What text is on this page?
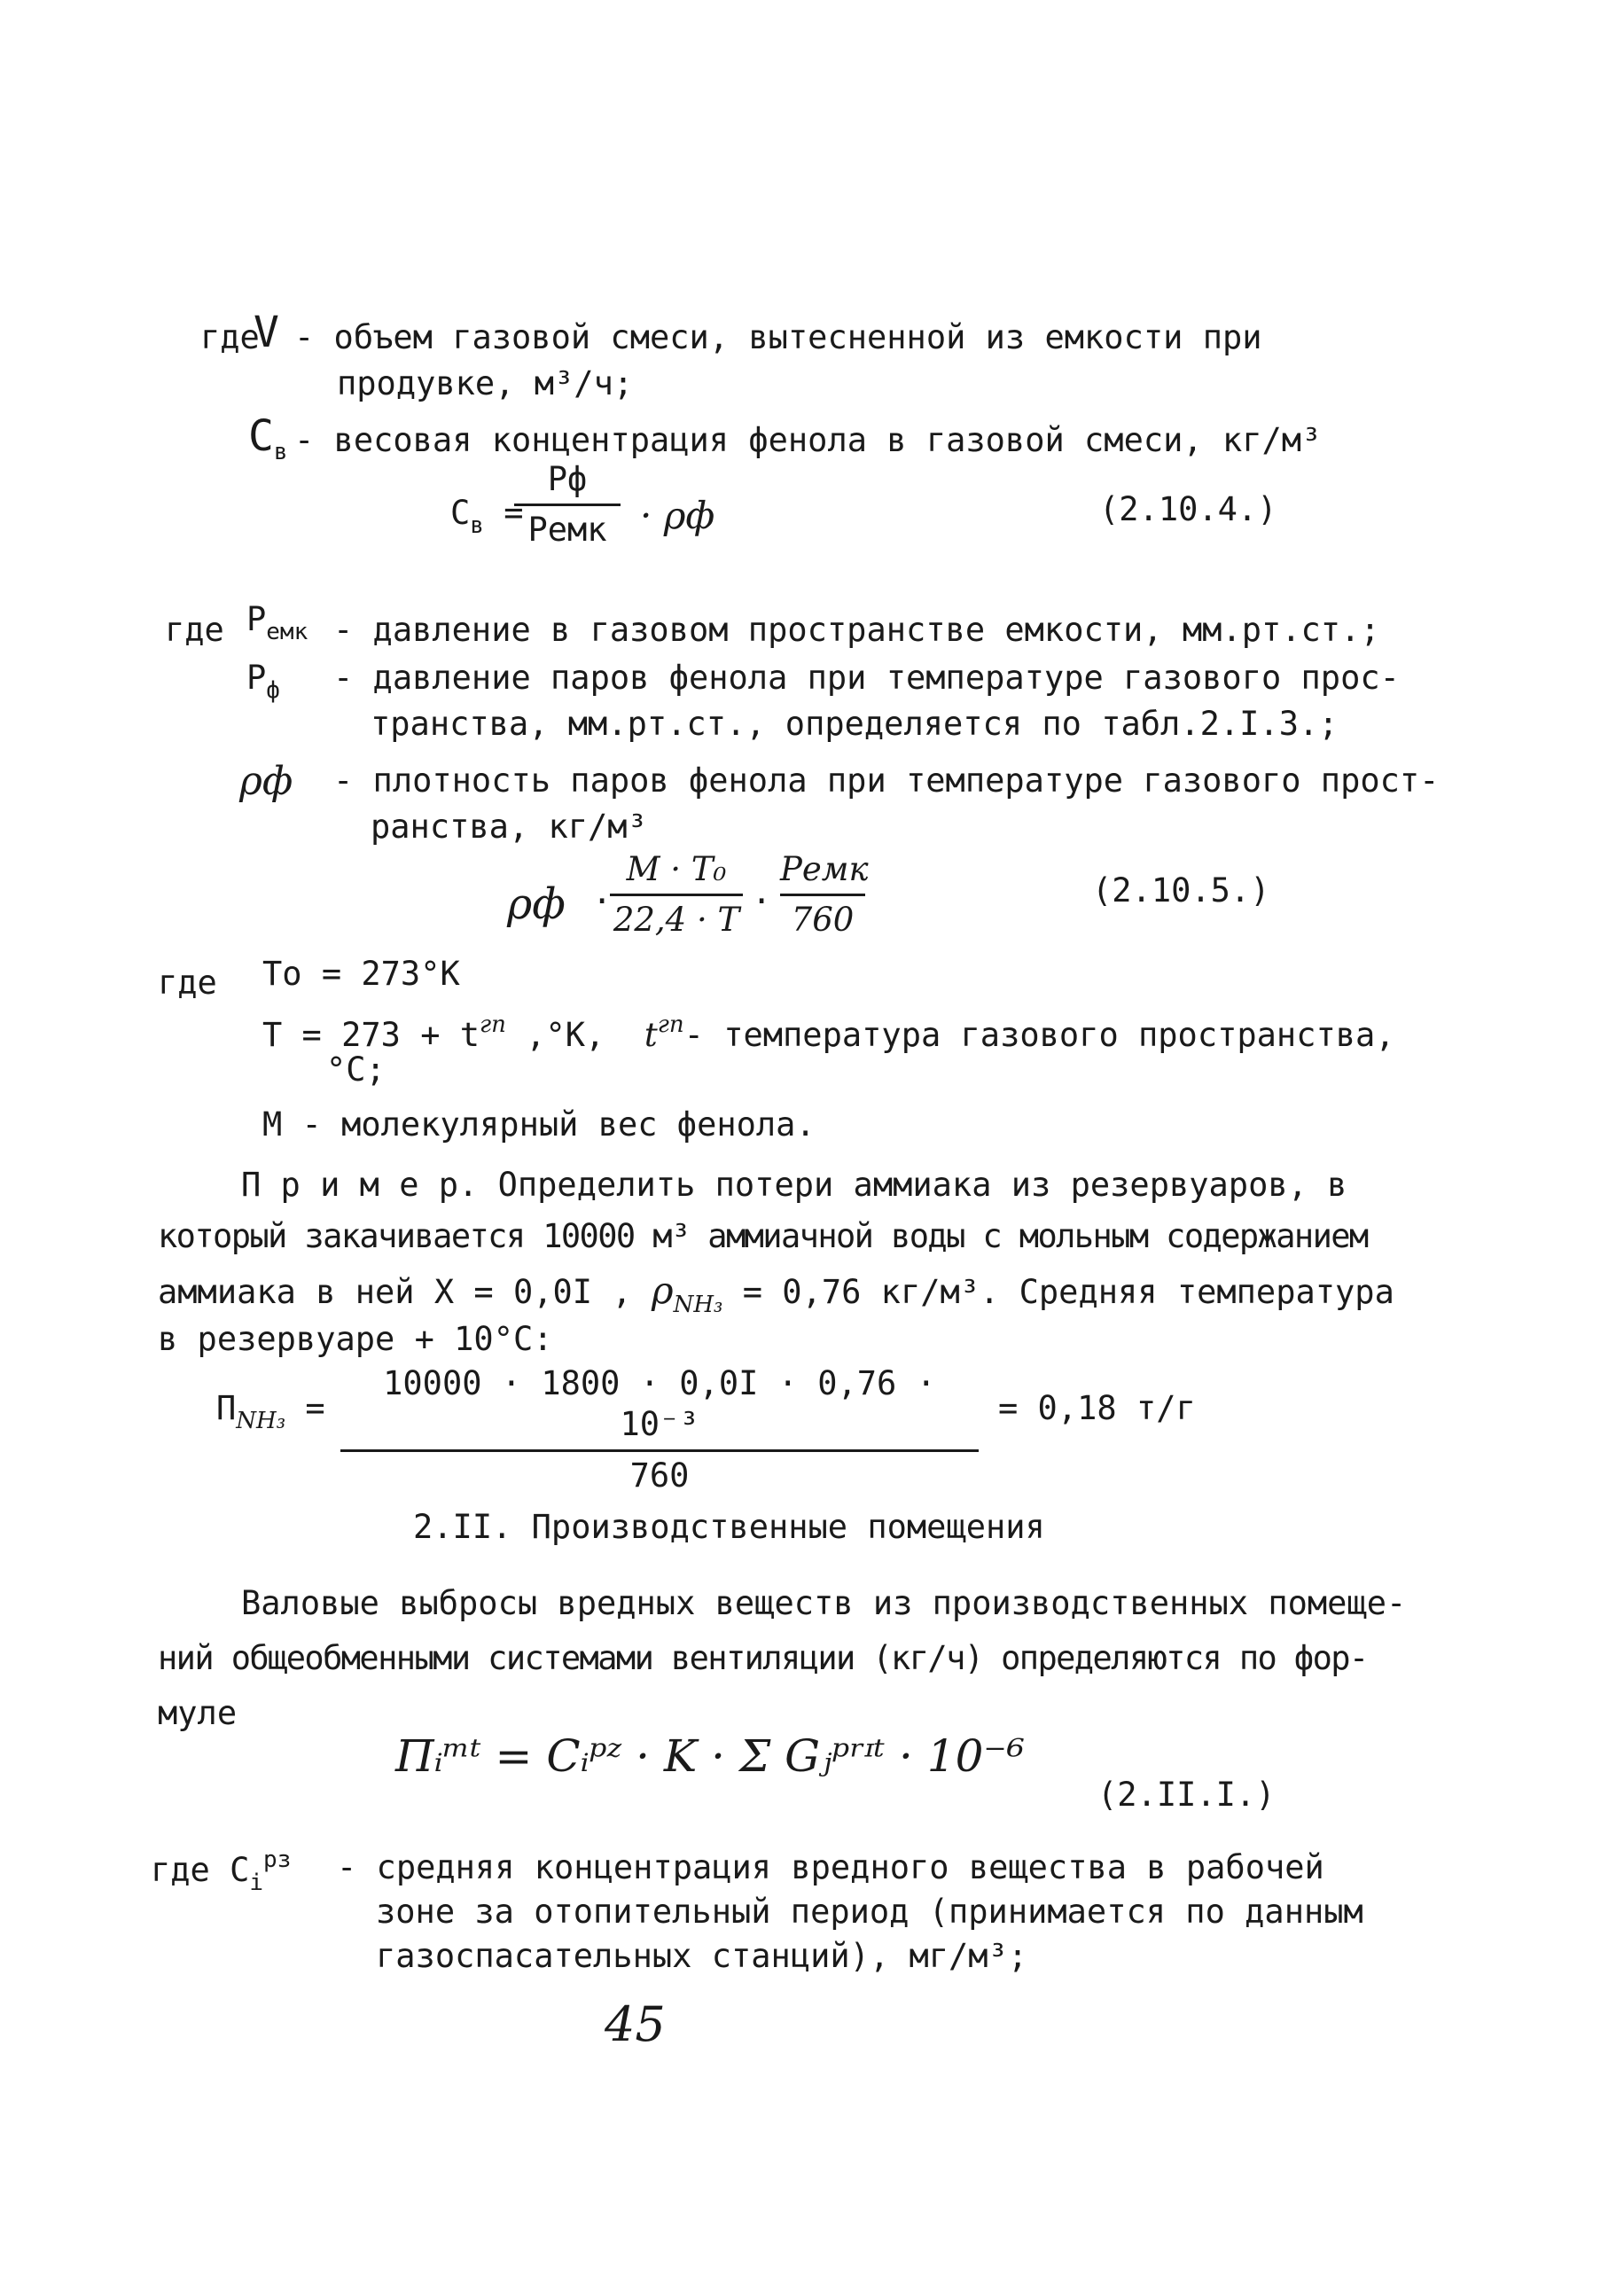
где
V - объем газовой смеси, вытесненной из емкости при
продувке, м³/ч;
$C_в$ - весовая концентрация фенола в газовой смеси, кг/м³
$C_в$ =
Pф
Pемк · ρф	(2.10.4.)
где $P_{емк}$ - давление в газовом пространстве емкости, мм.рт.ст.;
$P_ф$ - давление паров фенола при температуре газового прос-
транства, мм.рт.ст., определяется по табл.2.I.3.;
ρф - плотность паров фенола при температуре газового прост-
ранства, кг/м³
ρф ·
M · T₀
22,4 · T ·
Pемк
760
(2.10.5.)
где To = 273°K
$T = 273 + t^{гп}$ ,°K, $t^{гп}-$ температура газового пространства,
°C;
M - молекулярный вес фенола.
П р и м е р. Определить потери аммиака из резервуаров, в
который закачивается 10000 м³ аммиачной воды с мольным содержанием
аммиака в ней X = 0,0I , $\rho_{NH_3} = 0,76$ кг/м³. Средняя температура
в резервуаре + 10°C:
$П_{NH_3}$ =
10000 · 1800 · 0,0I · 0,76 · 10⁻³
760
= 0,18 т/г
2.II. Производственные помещения
Валовые выбросы вредных веществ из производственных помеще-
ний общеобменными системами вентиляции (кг/ч) определяются по фор-
муле
Пᵢᵐᵗ = Cᵢᵖᶻ · K · Σ Gⱼᵖʳᶦᵗ · 10⁻⁶
(2.II.I.)
где $C_i^{рз}$ - средняя концентрация вредного вещества в рабочей
зоне за отопительный период (принимается по данным
газоспасательных станций), мг/м³;
45
